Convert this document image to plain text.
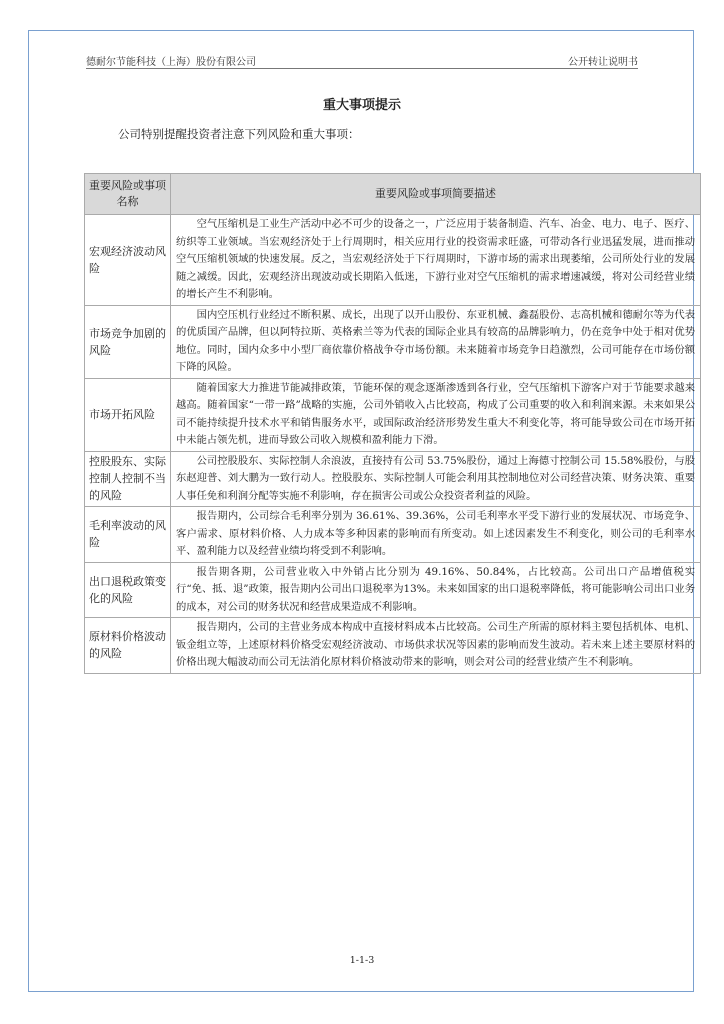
德耐尔节能科技（上海）股份有限公司	公开转让说明书
重大事项提示
公司特别提醒投资者注意下列风险和重大事项：
重要风险或事项名称	重要风险或事项简要描述
宏观经济波动风险	空气压缩机是工业生产活动中必不可少的设备之一，广泛应用于装备制造、汽车、冶金、电力、电子、医疗、纺织等工业领域。当宏观经济处于上行周期时，相关应用行业的投资需求旺盛，可带动各行业迅猛发展，进而推动空气压缩机领域的快速发展。反之，当宏观经济处于下行周期时，下游市场的需求出现萎缩，公司所处行业的发展随之减缓。因此，宏观经济出现波动或长期陷入低迷，下游行业对空气压缩机的需求增速减缓，将对公司经营业绩的增长产生不利影响。
市场竞争加剧的风险	国内空压机行业经过不断积累、成长，出现了以开山股份、东亚机械、鑫磊股份、志高机械和德耐尔等为代表的优质国产品牌，但以阿特拉斯、英格索兰等为代表的国际企业具有较高的品牌影响力，仍在竞争中处于相对优势地位。同时，国内众多中小型厂商依靠价格战争夺市场份额。未来随着市场竞争日趋激烈，公司可能存在市场份额下降的风险。
市场开拓风险	随着国家大力推进节能减排政策，节能环保的观念逐渐渗透到各行业，空气压缩机下游客户对于节能要求越来越高。随着国家“一带一路”战略的实施，公司外销收入占比较高，构成了公司重要的收入和利润来源。未来如果公司不能持续提升技术水平和销售服务水平，或国际政治经济形势发生重大不利变化等，将可能导致公司在市场开拓中未能占领先机，进而导致公司收入规模和盈利能力下滑。
控股股东、实际控制人控制不当的风险	公司控股股东、实际控制人余浪波，直接持有公司 53.75%股份，通过上海德寸控制公司 15.58%股份，与股东赵迎普、刘大鹏为一致行动人。控股股东、实际控制人可能会利用其控制地位对公司经营决策、财务决策、重要人事任免和利润分配等实施不利影响，存在损害公司或公众投资者利益的风险。
毛利率波动的风险	报告期内，公司综合毛利率分别为 36.61%、39.36%，公司毛利率水平受下游行业的发展状况、市场竞争、客户需求、原材料价格、人力成本等多种因素的影响而有所变动。如上述因素发生不利变化，则公司的毛利率水平、盈利能力以及经营业绩均将受到不利影响。
出口退税政策变化的风险	报告期各期，公司营业收入中外销占比分别为 49.16%、50.84%，占比较高。公司出口产品增值税实行“免、抵、退”政策，报告期内公司出口退税率为13%。未来如国家的出口退税率降低，将可能影响公司出口业务的成本，对公司的财务状况和经营成果造成不利影响。
原材料价格波动的风险	报告期内，公司的主营业务成本构成中直接材料成本占比较高。公司生产所需的原材料主要包括机体、电机、钣金组立等，上述原材料价格受宏观经济波动、市场供求状况等因素的影响而发生波动。若未来上述主要原材料的价格出现大幅波动而公司无法消化原材料价格波动带来的影响，则会对公司的经营业绩产生不利影响。
1-1-3
